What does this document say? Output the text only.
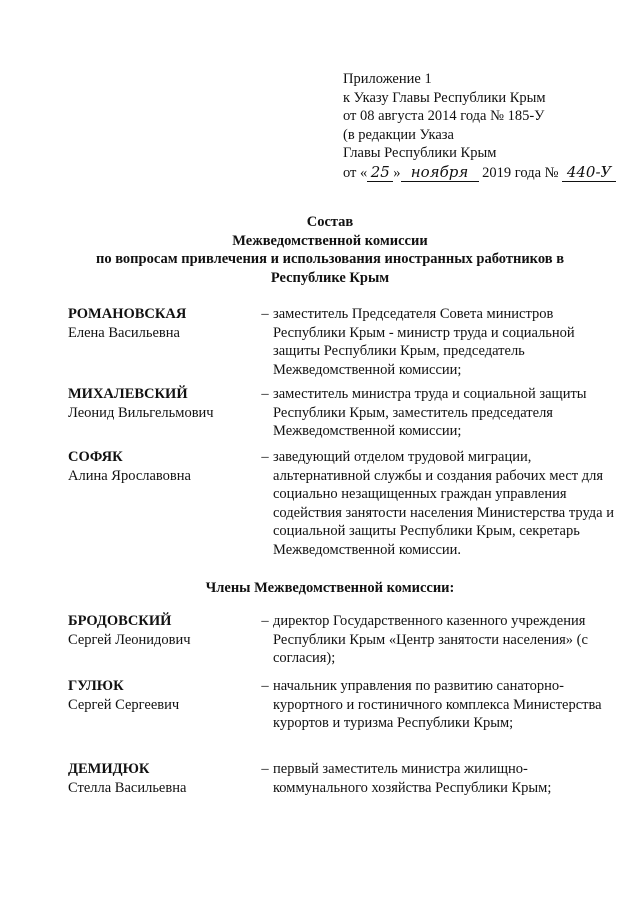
Приложение 1
к Указу Главы Республики Крым
от 08 августа 2014 года № 185-У
(в редакции Указа
Главы Республики Крым
от « 25 » ноября 2019 года № 440-У
Состав
Межведомственной комиссии
по вопросам привлечения и использования иностранных работников в
Республике Крым
РОМАНОВСКАЯ
Елена Васильевна
– заместитель Председателя Совета министров Республики Крым - министр труда и социальной защиты Республики Крым, председатель Межведомственной комиссии;
МИХАЛЕВСКИЙ
Леонид Вильгельмович
– заместитель министра труда и социальной защиты Республики Крым, заместитель председателя Межведомственной комиссии;
СОФЯК
Алина Ярославовна
– заведующий отделом трудовой миграции, альтернативной службы и создания рабочих мест для социально незащищенных граждан управления содействия занятости населения Министерства труда и социальной защиты Республики Крым, секретарь Межведомственной комиссии.
Члены Межведомственной комиссии:
БРОДОВСКИЙ
Сергей Леонидович
– директор Государственного казенного учреждения Республики Крым «Центр занятости населения» (с согласия);
ГУЛЮК
Сергей Сергеевич
– начальник управления по развитию санаторно-курортного и гостиничного комплекса Министерства курортов и туризма Республики Крым;
ДЕМИДЮК
Стелла Васильевна
– первый заместитель министра жилищно-коммунального хозяйства Республики Крым;
